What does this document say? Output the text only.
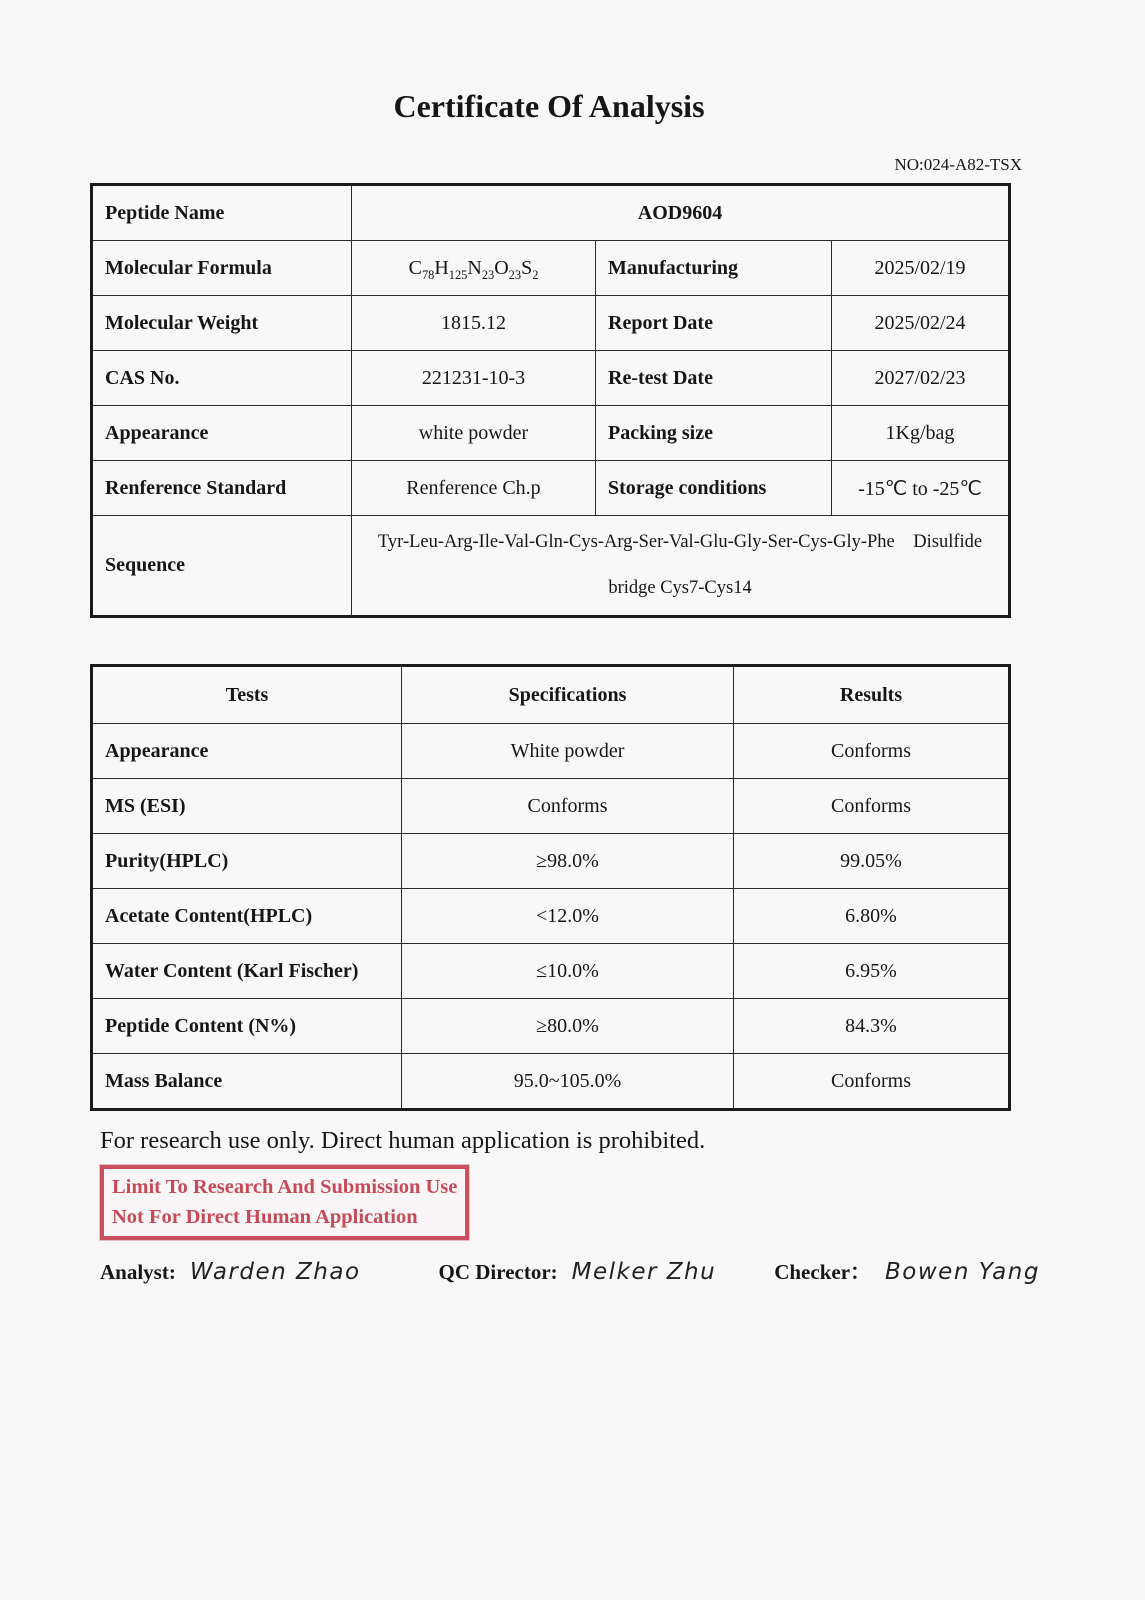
Certificate Of Analysis
NO:024-A82-TSX
Peptide Name	AOD9604		
Molecular Formula	$C_{78}H_{125}N_{23}O_{23}S_2$	Manufacturing	2025/02/19
Molecular Weight	1815.12	Report Date	2025/02/24
CAS No.	221231-10-3	Re-test Date	2027/02/23
Appearance	white powder	Packing size	1Kg/bag
Renference Standard	Renference Ch.p	Storage conditions	-15℃ to -25℃
Sequence	Tyr-Leu-Arg-Ile-Val-Gln-Cys-Arg-Ser-Val-Glu-Gly-Ser-Cys-Gly-Phe    Disulfide
bridge Cys7-Cys14		
Tests	Specifications	Results
Appearance	White powder	Conforms
MS (ESI)	Conforms	Conforms
Purity(HPLC)	≥98.0%	99.05%
Acetate Content(HPLC)	<12.0%	6.80%
Water Content (Karl Fischer)	≤10.0%	6.95%
Peptide Content (N%)	≥80.0%	84.3%
Mass Balance	95.0~105.0%	Conforms
For research use only. Direct human application is prohibited.
Limit To Research And Submission Use
Not For Direct Human Application
Analyst: Warden Zhao	QC Director: Melker Zhu	Checker： Bowen Yang
